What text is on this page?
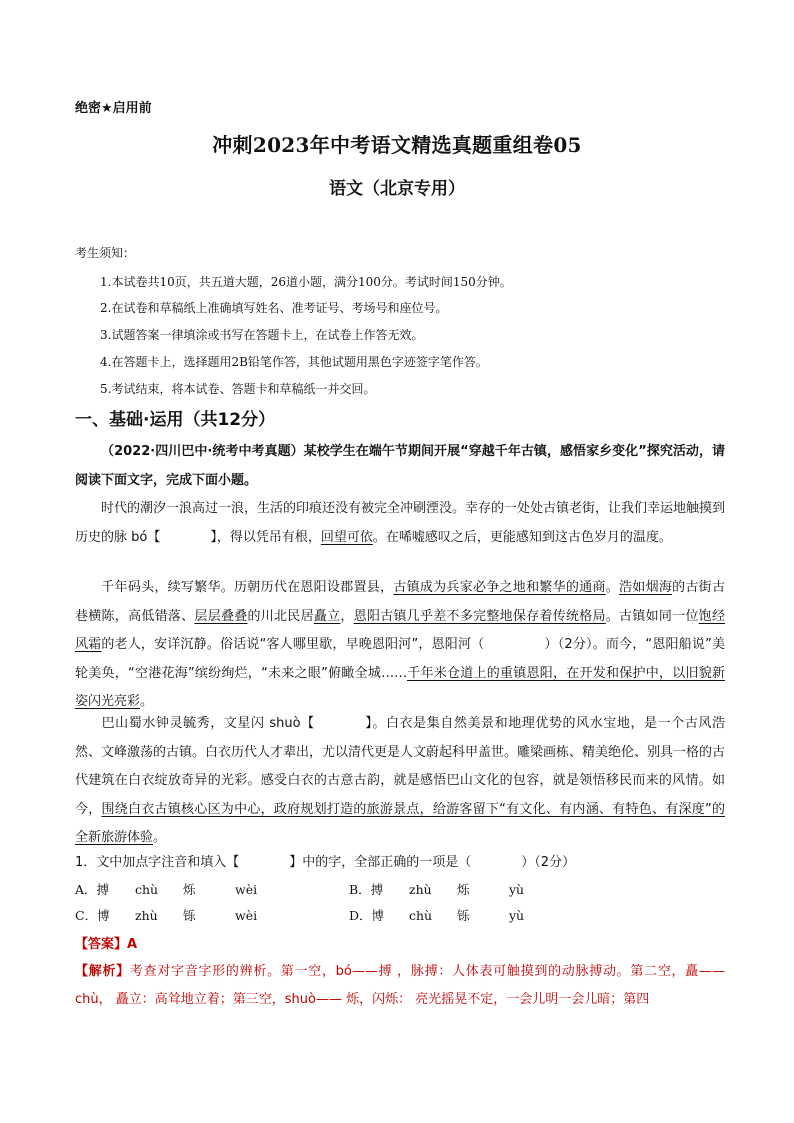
绝密★启用前
冲刺2023年中考语文精选真题重组卷05
语文（北京专用）
考生须知：
1.本试卷共10页，共五道大题，26道小题，满分100分。考试时间150分钟。
2.在试卷和草稿纸上准确填写姓名、准考证号、考场号和座位号。
3.试题答案一律填涂或书写在答题卡上，在试卷上作答无效。
4.在答题卡上，选择题用2B铅笔作答，其他试题用黑色字迹签字笔作答。
5.考试结束，将本试卷、答题卡和草稿纸一并交回。
一、基础·运用（共12分）
（2022·四川巴中·统考中考真题）某校学生在端午节期间开展“穿越千年古镇，感悟家乡变化”探究活动，请阅读下面文字，完成下面小题。
时代的潮汐一浪高过一浪，生活的印痕还没有被完全冲刷湮没。幸存的一处处古镇老街，让我们幸运地触摸到历史的脉 bó【	】，得以凭吊有根，回望可依。在唏嘘感叹之后，更能感知到这古色岁月的温度。
千年码头，续写繁华。历朝历代在恩阳设郡置县，古镇成为兵家必争之地和繁华的通商。浩如烟海的古街古巷横陈，高低错落、层层叠叠的川北民居矗立，恩阳古镇几乎差不多完整地保存着传统格局。古镇如同一位饱经风霜的老人，安详沉静。俗话说“客人哪里歇，早晚恩阳河”，恩阳河（	）（2分）。而今，“恩阳船说”美轮美奂，“空港花海”缤纷绚烂，“未来之眼”俯瞰全城……千年米仓道上的重镇恩阳，在开发和保护中，以旧貌新姿闪光亮彩。
巴山蜀水钟灵毓秀，文星闪 shuò【	】。白衣是集自然美景和地理优势的风水宝地，是一个古风浩然、文峰激荡的古镇。白衣历代人才辈出，尤以清代更是人文蔚起科甲盖世。雕梁画栋、精美绝伦、别具一格的古代建筑在白衣绽放奇异的光彩。感受白衣的古意古韵，就是感悟巴山文化的包容，就是领悟移民而来的风情。如今，围绕白衣古镇核心区为中心，政府规划打造的旅游景点，给游客留下“有文化、有内涵、有特色、有深度”的全新旅游体验。
1．文中加点字注音和填入【	】中的字，全部正确的一项是（	）（2分）
A．搏 chù 烁	wèi	B．搏 zhù 烁	yù
C．博 zhù 铄	wèi	D．博 chù 铄	yù
【答案】A
【解析】考查对字音字形的辨析。第一空，bó——搏 ，脉搏：人体表可触摸到的动脉搏动。第二空，矗—— chù， 矗立：高耸地立着；第三空，shuò—— 烁，闪烁： 亮光摇晃不定，一会儿明一会儿暗；第四
